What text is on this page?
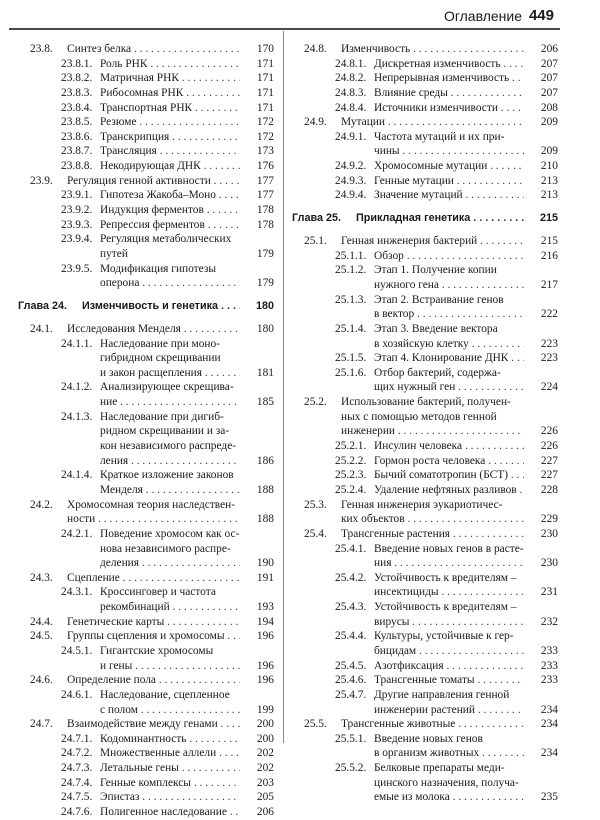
Оглавление 449
23.8. Синтез белка . . .	170
23.8.1. Роль РНК . . .	171
23.8.2. Матричная РНК . . .	171
23.8.3. Рибосомная РНК . . .	171
23.8.4. Транспортная РНК . . .	171
23.8.5. Резюме . . .	172
23.8.6. Транскрипция . . .	172
23.8.7. Трансляция . . .	173
23.8.8. Некодирующая ДНК . . .	176
23.9. Регуляция генной активности . . .	177
23.9.1. Гипотеза Жакоба–Моно . . .	177
23.9.2. Индукция ферментов . . .	178
23.9.3. Репрессия ферментов . . .	178
23.9.4. Регуляция метаболических
путей	179
23.9.5. Модификация гипотезы
оперона . . .	179
Глава 24. Изменчивость и генетика . . .	180
24.1. Исследования Менделя . . .	180
24.1.1. Наследование при моно-
гибридном скрещивании
и закон расщепления . . .	181
24.1.2. Анализирующее скрещива-
ние . . .	185
24.1.3. Наследование при дигиб-
ридном скрещивании и за-
кон независимого распреде-
ления . . .	186
24.1.4. Краткое изложение законов
Менделя . . .	188
24.2. Хромосомная теория наследствен-
ности . . .	188
24.2.1. Поведение хромосом как ос-
нова независимого распре-
деления . . .	190
24.3. Сцепление . . .	191
24.3.1. Кроссинговер и частота
рекомбинаций . . .	193
24.4. Генетические карты . . .	194
24.5. Группы сцепления и хромосомы . . .	196
24.5.1. Гигантские хромосомы
и гены . . .	196
24.6. Определение пола . . .	196
24.6.1. Наследование, сцепленное
с полом . . .	199
24.7. Взаимодействие между генами . . .	200
24.7.1. Кодоминантность . . .	200
24.7.2. Множественные аллели . . .	202
24.7.3. Летальные гены . . .	202
24.7.4. Генные комплексы . . .	203
24.7.5. Эпистаз . . .	205
24.7.6. Полигенное наследование . . .	206
24.8. Изменчивость . . .	206
24.8.1. Дискретная изменчивость . . .	207
24.8.2. Непрерывная изменчивость . . .	207
24.8.3. Влияние среды . . .	207
24.8.4. Источники изменчивости . . .	208
24.9. Мутации . . .	209
24.9.1. Частота мутаций и их при-
чины . . .	209
24.9.2. Хромосомные мутации . . .	210
24.9.3. Генные мутации . . .	213
24.9.4. Значение мутаций . . .	213
Глава 25. Прикладная генетика . . .	215
25.1. Генная инженерия бактерий . . .	215
25.1.1. Обзор . . .	216
25.1.2. Этап 1. Получение копии
нужного гена . . .	217
25.1.3. Этап 2. Встраивание генов
в вектор . . .	222
25.1.4. Этап 3. Введение вектора
в хозяйскую клетку . . .	223
25.1.5. Этап 4. Клонирование ДНК . . .	223
25.1.6. Отбор бактерий, содержа-
щих нужный ген . . .	224
25.2. Использование бактерий, получен-
ных с помощью методов генной
инженерии . . .	226
25.2.1. Инсулин человека . . .	226
25.2.2. Гормон роста человека . . .	227
25.2.3. Бычий соматотропин (БСТ) . . .	227
25.2.4. Удаление нефтяных разливов . . .	228
25.3. Генная инженерия эукариотичес-
ких объектов . . .	229
25.4. Трансгенные растения . . .	230
25.4.1. Введение новых генов в расте-
ния . . .	230
25.4.2. Устойчивость к вредителям –
инсектициды . . .	231
25.4.3. Устойчивость к вредителям –
вирусы . . .	232
25.4.4. Культуры, устойчивые к гер-
бицидам . . .	233
25.4.5. Азотфиксация . . .	233
25.4.6. Трансгенные томаты . . .	233
25.4.7. Другие направления генной
инженерии растений . . .	234
25.5. Трансгенные животные . . .	234
25.5.1. Введение новых генов
в организм животных . . .	234
25.5.2. Белковые препараты меди-
цинского назначения, получа-
емые из молока . . .	235
